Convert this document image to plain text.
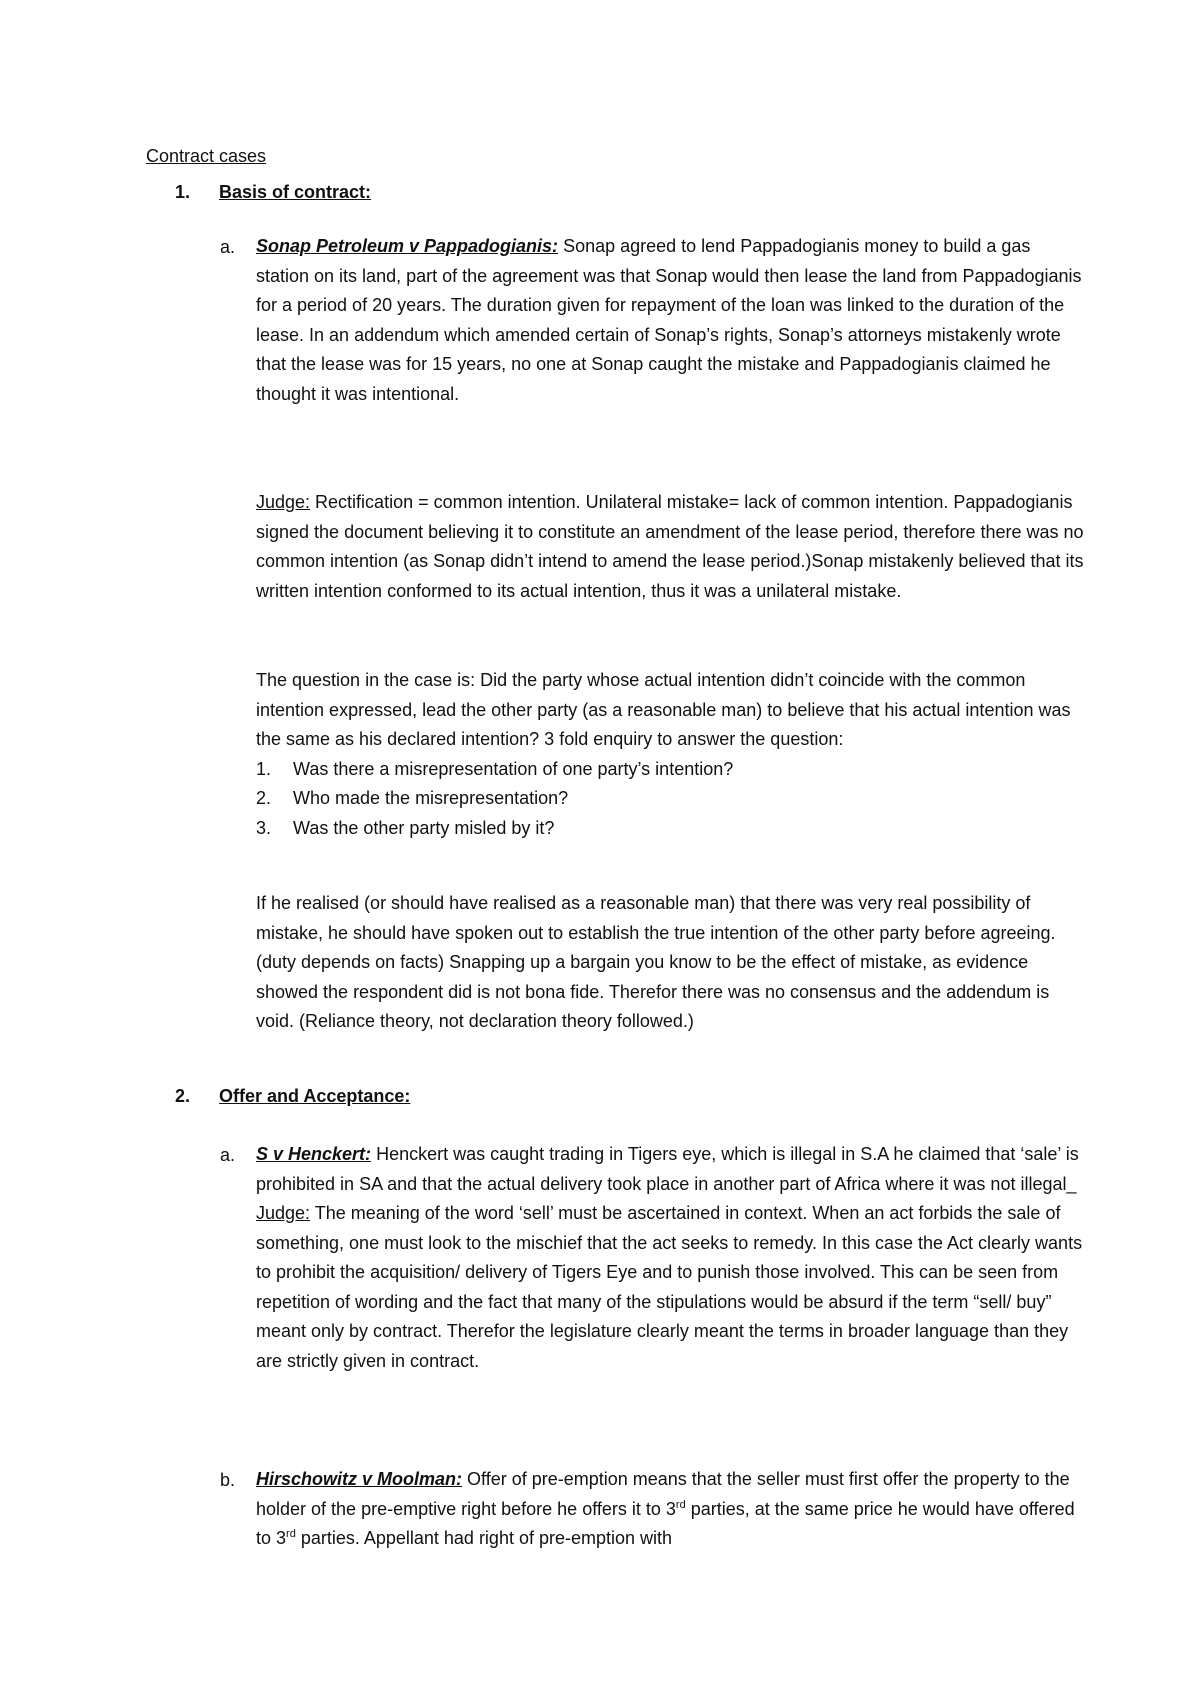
Contract cases
1. Basis of contract:
a. Sonap Petroleum v Pappadogianis: Sonap agreed to lend Pappadogianis money to build a gas station on its land, part of the agreement was that Sonap would then lease the land from Pappadogianis for a period of 20 years. The duration given for repayment of the loan was linked to the duration of the lease. In an addendum which amended certain of Sonap’s rights, Sonap’s attorneys mistakenly wrote that the lease was for 15 years, no one at Sonap caught the mistake and Pappadogianis claimed he thought it was intentional.

Judge: Rectification = common intention. Unilateral mistake= lack of common intention. Pappadogianis signed the document believing it to constitute an amendment of the lease period, therefore there was no common intention (as Sonap didn’t intend to amend the lease period.)Sonap mistakenly believed that its written intention conformed to its actual intention, thus it was a unilateral mistake.

The question in the case is: Did the party whose actual intention didn’t coincide with the common intention expressed, lead the other party (as a reasonable man) to believe that his actual intention was the same as his declared intention? 3 fold enquiry to answer the question:

1. Was there a misrepresentation of one party’s intention?
2. Who made the misrepresentation?
3. Was the other party misled by it?

If he realised (or should have realised as a reasonable man) that there was very real possibility of mistake, he should have spoken out to establish the true intention of the other party before agreeing.(duty depends on facts) Snapping up a bargain you know to be the effect of mistake, as evidence showed the respondent did is not bona fide. Therefor there was no consensus and the addendum is void. (Reliance theory, not declaration theory followed.)

2. Offer and Acceptance:
a. S v Henckert: Henckert was caught trading in Tigers eye, which is illegal in S.A he claimed that ‘sale’ is prohibited in SA and that the actual delivery took place in another part of Africa where it was not illegal_

Judge: The meaning of the word ‘sell’ must be ascertained in context. When an act forbids the sale of something, one must look to the mischief that the act seeks to remedy. In this case the Act clearly wants to prohibit the acquisition/ delivery of Tigers Eye and to punish those involved. This can be seen from repetition of wording and the fact that many of the stipulations would be absurd if the term “sell/ buy” meant only by contract. Therefor the legislature clearly meant the terms in broader language than they are strictly given in contract.

b. Hirschowitz v Moolman: Offer of pre-emption means that the seller must first offer the property to the holder of the pre-emptive right before he offers it to 3rd parties, at the same price he would have offered to 3rd parties. Appellant had right of pre-emption with
